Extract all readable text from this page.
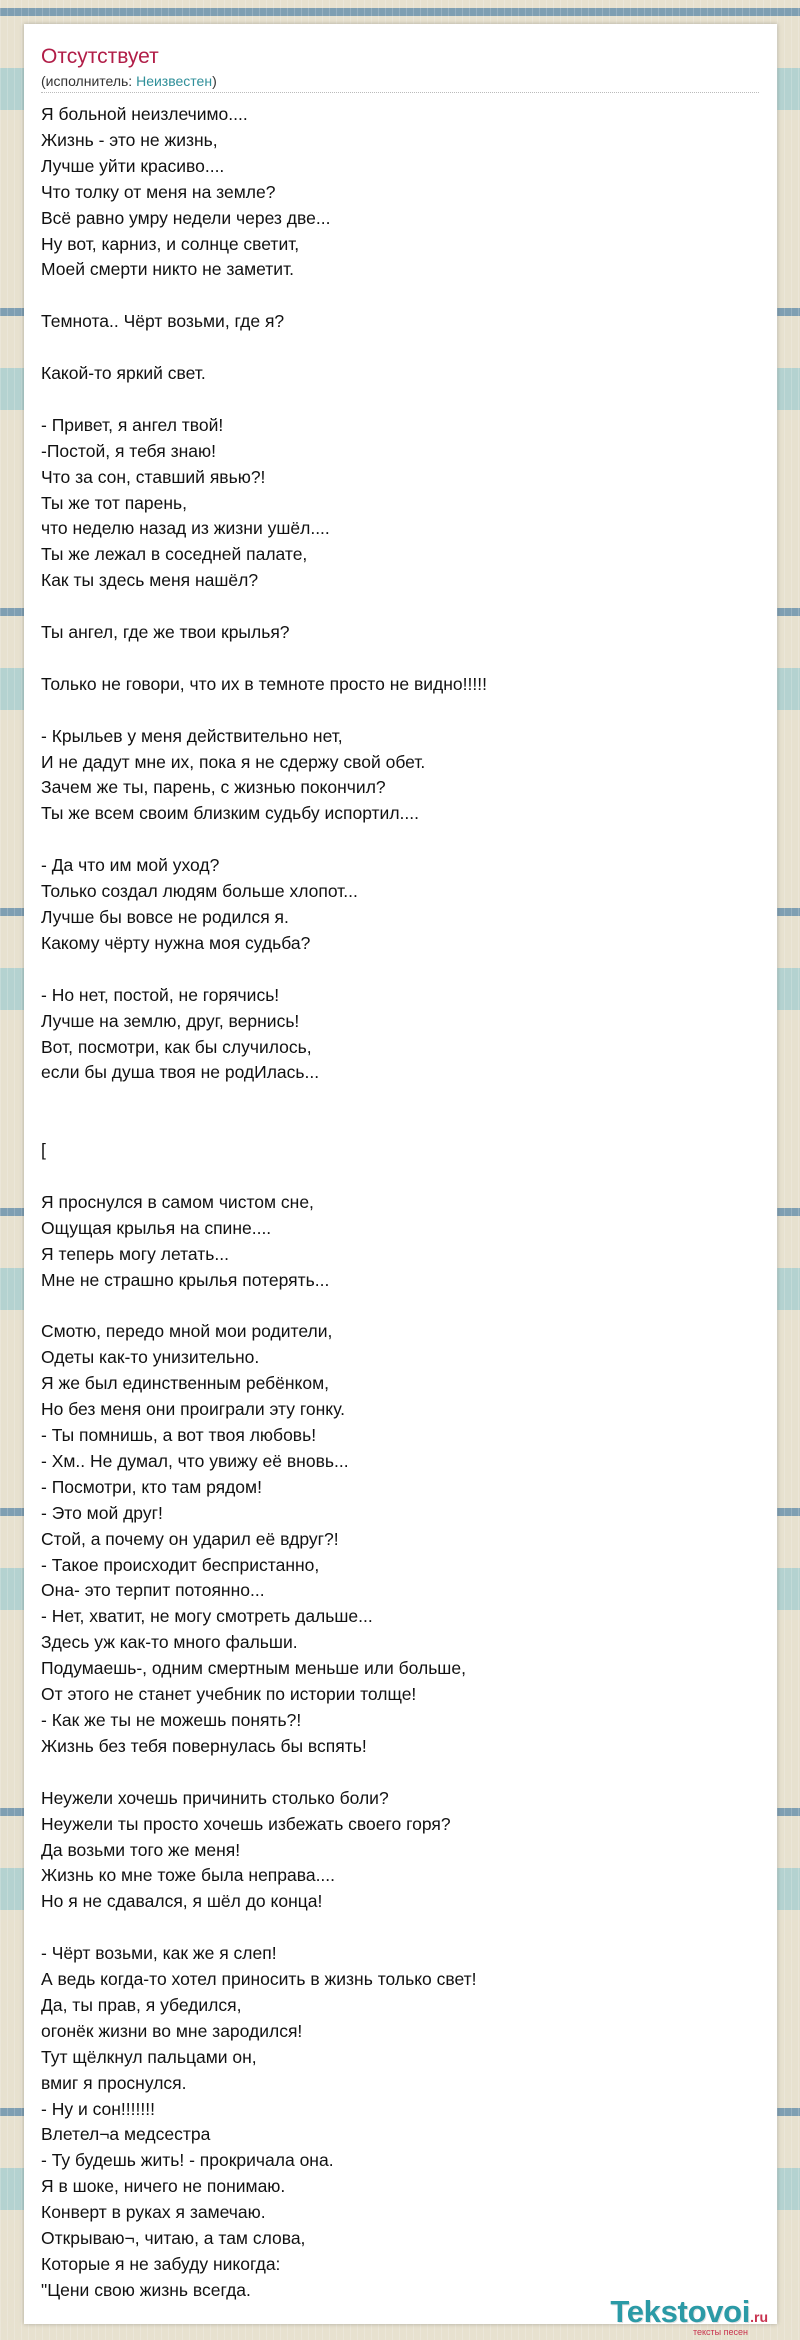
Отсутствует
(исполнитель: Неизвестен)
Я больной неизлечимо....
Жизнь - это не жизнь,
Лучше уйти красиво....
Что толку от меня на земле?
Всё равно умру недели через две...
Ну вот, карниз, и солнце светит,
Моей смерти никто не заметит.
Темнота.. Чёрт возьми, где я?
Какой-то яркий свет.
- Привет, я ангел твой!
-Постой, я тебя знаю!
Что за сон, ставший явью?!
Ты же тот парень,
что неделю назад из жизни ушёл....
Ты же лежал в соседней палате,
Как ты здесь меня нашёл?
Ты ангел, где же твои крылья?
Только не говори, что их в темноте просто не видно!!!!!
- Крыльев у меня действительно нет,
И не дадут мне их, пока я не сдержу свой обет.
Зачем же ты, парень, с жизнью покончил?
Ты же всем своим близким судьбу испортил....
- Да что им мой уход?
Только создал людям больше хлопот...
Лучше бы вовсе не родился я.
Какому чёрту нужна моя судьба?
- Но нет, постой, не горячись!
Лучше на землю, друг, вернись!
Вот, посмотри, как бы случилось,
если бы душа твоя не родИлась...
[
Я проснулся в самом чистом сне,
Ощущая крылья на спине....
Я теперь могу летать...
Мне не страшно крылья потерять...
Смотю, передо мной мои родители,
Одеты как-то унизительно.
Я же был единственным ребёнком,
Но без меня они проиграли эту гонку.
- Ты помнишь, а вот твоя любовь!
- Хм.. Не думал, что увижу её вновь...
- Посмотри, кто там рядом!
- Это мой друг!
Стой, а почему он ударил её вдруг?!
- Такое происходит беспристанно,
Она- это терпит потоянно...
- Нет, хватит, не могу смотреть дальше...
Здесь уж как-то много фальши.
Подумаешь-, одним смертным меньше или больше,
От этого не станет учебник по истории толще!
- Как же ты не можешь понять?!
Жизнь без тебя повернулась бы вспять!
Неужели хочешь причинить столько боли?
Неужели ты просто хочешь избежать своего горя?
Да возьми того же меня!
Жизнь ко мне тоже была неправа....
Но я не сдавался, я шёл до конца!
- Чёрт возьми, как же я слеп!
А ведь когда-то хотел приносить в жизнь только свет!
Да, ты прав, я убедился,
огонёк жизни во мне зародился!
Тут щёлкнул пальцами он,
вмиг я проснулся.
- Ну и сон!!!!!!!
Влетел¬а медсестра
- Ту будешь жить! - прокричала она.
Я в шоке, ничего не понимаю.
Конверт в руках я замечаю.
Открываю¬, читаю, а там слова,
Которые я не забуду никогда:
"Цени свою жизнь всегда.
Tekstovoi.ru
тексты песен
